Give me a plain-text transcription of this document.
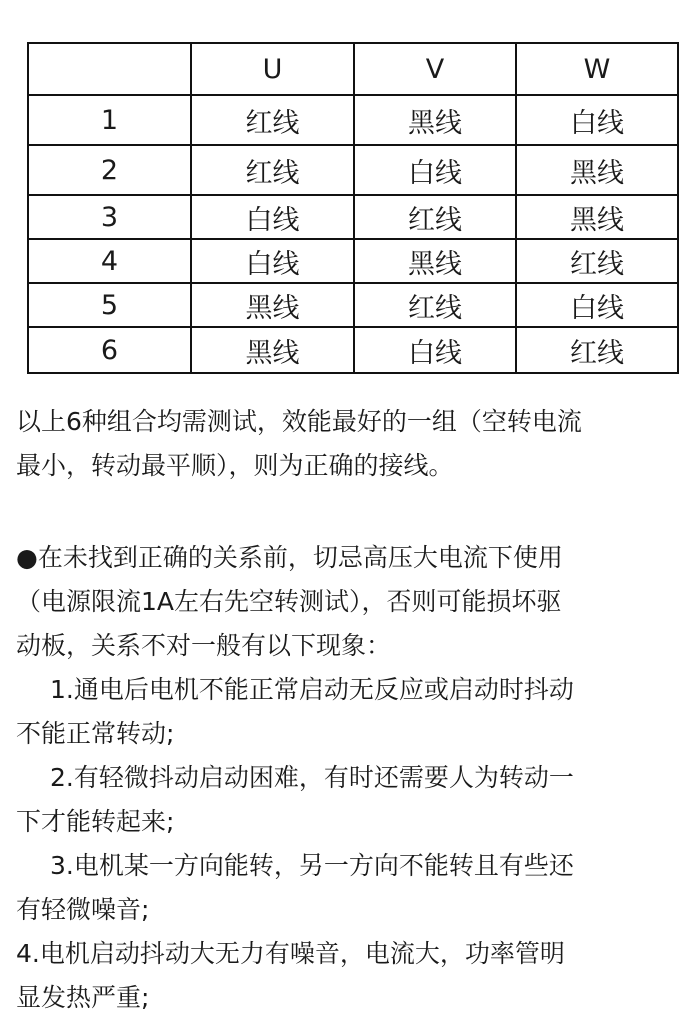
	U	V	W
1	红线	黑线	白线
2	红线	白线	黑线
3	白线	红线	黑线
4	白线	黑线	红线
5	黑线	红线	白线
6	黑线	白线	红线

以上6种组合均需测试，效能最好的一组（空转电流
最小，转动最平顺），则为正确的接线。

●在未找到正确的关系前，切忌高压大电流下使用
（电源限流1A左右先空转测试），否则可能损坏驱
动板，关系不对一般有以下现象：
1.通电后电机不能正常启动无反应或启动时抖动
不能正常转动;
2.有轻微抖动启动困难，有时还需要人为转动一
下才能转起来;
3.电机某一方向能转，另一方向不能转且有些还
有轻微噪音;
4.电机启动抖动大无力有噪音，电流大，功率管明
显发热严重;
